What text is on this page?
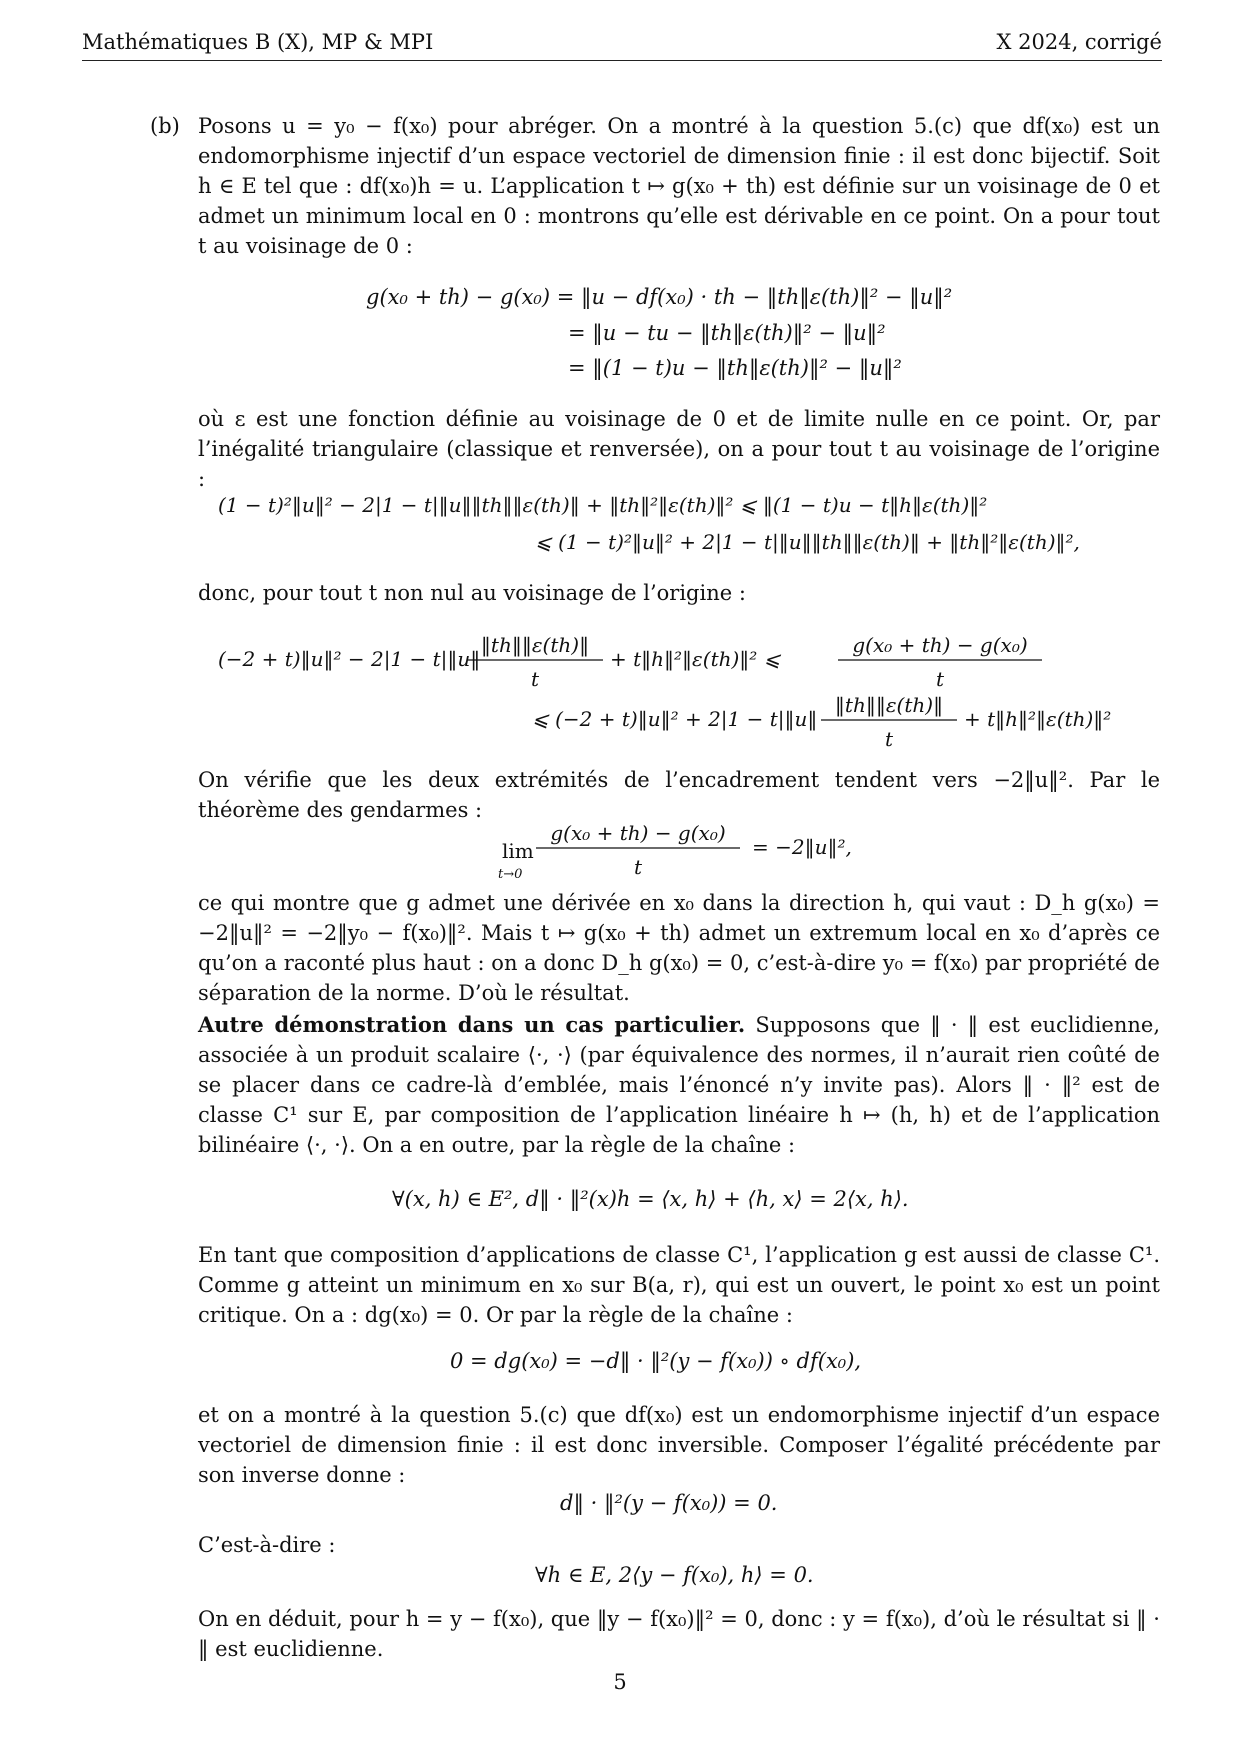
Mathématiques B (X), MP & MPI	X 2024, corrigé
(b) Posons u = y₀ − f(x₀) pour abréger. On a montré à la question 5.(c) que df(x₀) est un endomorphisme injectif d’un espace vectoriel de dimension finie : il est donc bijectif. Soit h ∈ E tel que : df(x₀)h = u. L’application t ↦ g(x₀ + th) est définie sur un voisinage de 0 et admet un minimum local en 0 : montrons qu’elle est dérivable en ce point. On a pour tout t au voisinage de 0 :

g(x₀ + th) − g(x₀) = ‖u − df(x₀) · th − ‖th‖ε(th)‖² − ‖u‖²
= ‖u − tu − ‖th‖ε(th)‖² − ‖u‖²
= ‖(1 − t)u − ‖th‖ε(th)‖² − ‖u‖²

où ε est une fonction définie au voisinage de 0 et de limite nulle en ce point. Or, par l’inégalité triangulaire (classique et renversée), on a pour tout t au voisinage de l’origine :

(1 − t)²‖u‖² − 2|1 − t|‖u‖‖th‖‖ε(th)‖ + ‖th‖²‖ε(th)‖² ⩽ ‖(1 − t)u − t‖h‖ε(th)‖²
⩽ (1 − t)²‖u‖² + 2|1 − t|‖u‖‖th‖‖ε(th)‖ + ‖th‖²‖ε(th)‖²,

donc, pour tout t non nul au voisinage de l’origine :

(−2 + t)‖u‖² − 2|1 − t|‖u‖
‖th‖‖ε(th)‖
t
+ t‖h‖²‖ε(th)‖² ⩽
g(x₀ + th) − g(x₀)
t
⩽ (−2 + t)‖u‖² + 2|1 − t|‖u‖
‖th‖‖ε(th)‖
t
+ t‖h‖²‖ε(th)‖²

On vérifie que les deux extrémités de l’encadrement tendent vers −2‖u‖². Par le théorème des gendarmes :

lim
t→0
g(x₀ + th) − g(x₀)
t
= −2‖u‖²,

ce qui montre que g admet une dérivée en x₀ dans la direction h, qui vaut : D_h g(x₀) = −2‖u‖² = −2‖y₀ − f(x₀)‖². Mais t ↦ g(x₀ + th) admet un extremum local en x₀ d’après ce qu’on a raconté plus haut : on a donc D_h g(x₀) = 0, c’est-à-dire y₀ = f(x₀) par propriété de séparation de la norme. D’où le résultat.

Autre démonstration dans un cas particulier. Supposons que ‖ · ‖ est euclidienne, associée à un produit scalaire ⟨·, ·⟩ (par équivalence des normes, il n’aurait rien coûté de se placer dans ce cadre-là d’emblée, mais l’énoncé n’y invite pas). Alors ‖ · ‖² est de classe C¹ sur E, par composition de l’application linéaire h ↦ (h, h) et de l’application bilinéaire ⟨·, ·⟩. On a en outre, par la règle de la chaîne :

∀(x, h) ∈ E², d‖ · ‖²(x)h = ⟨x, h⟩ + ⟨h, x⟩ = 2⟨x, h⟩.

En tant que composition d’applications de classe C¹, l’application g est aussi de classe C¹. Comme g atteint un minimum en x₀ sur B(a, r), qui est un ouvert, le point x₀ est un point critique. On a : dg(x₀) = 0. Or par la règle de la chaîne :

0 = dg(x₀) = −d‖ · ‖²(y − f(x₀)) ∘ df(x₀),

et on a montré à la question 5.(c) que df(x₀) est un endomorphisme injectif d’un espace vectoriel de dimension finie : il est donc inversible. Composer l’égalité précédente par son inverse donne :

d‖ · ‖²(y − f(x₀)) = 0.

C’est-à-dire :

∀h ∈ E, 2⟨y − f(x₀), h⟩ = 0.

On en déduit, pour h = y − f(x₀), que ‖y − f(x₀)‖² = 0, donc : y = f(x₀), d’où le résultat si ‖ · ‖ est euclidienne.

5
